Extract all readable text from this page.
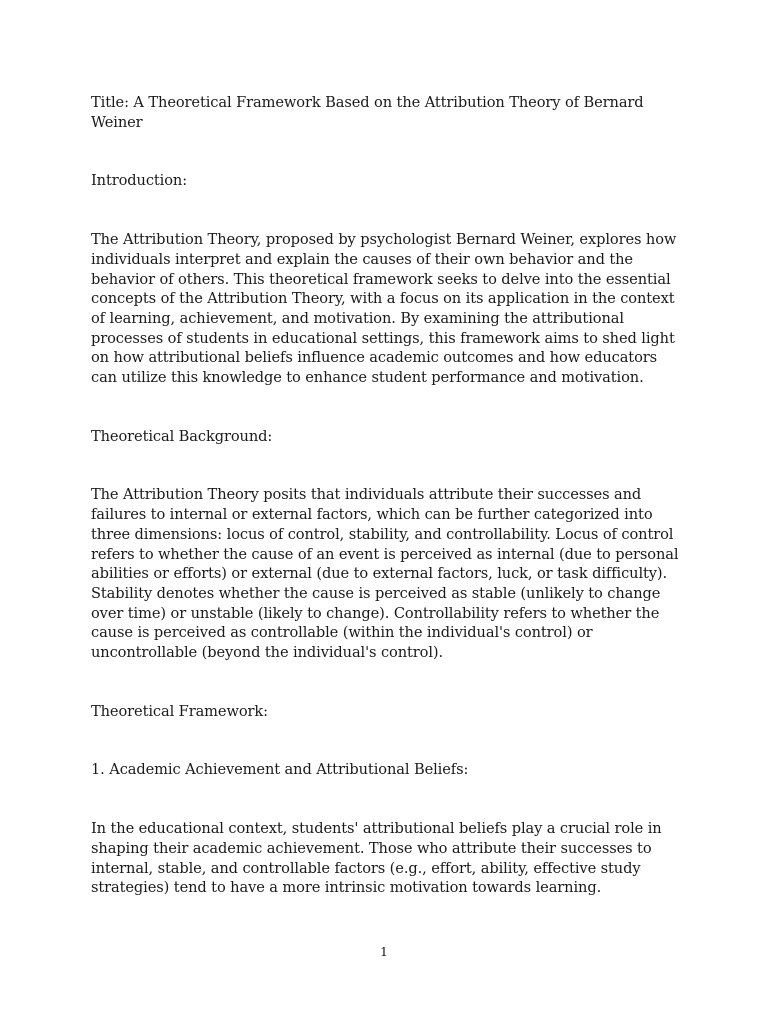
Title: A Theoretical Framework Based on the Attribution Theory of Bernard Weiner

Introduction:

The Attribution Theory, proposed by psychologist Bernard Weiner, explores how individuals interpret and explain the causes of their own behavior and the behavior of others. This theoretical framework seeks to delve into the essential concepts of the Attribution Theory, with a focus on its application in the context of learning, achievement, and motivation. By examining the attributional processes of students in educational settings, this framework aims to shed light on how attributional beliefs influence academic outcomes and how educators can utilize this knowledge to enhance student performance and motivation.

Theoretical Background:

The Attribution Theory posits that individuals attribute their successes and failures to internal or external factors, which can be further categorized into three dimensions: locus of control, stability, and controllability. Locus of control refers to whether the cause of an event is perceived as internal (due to personal abilities or efforts) or external (due to external factors, luck, or task difficulty). Stability denotes whether the cause is perceived as stable (unlikely to change over time) or unstable (likely to change). Controllability refers to whether the cause is perceived as controllable (within the individual's control) or uncontrollable (beyond the individual's control).

Theoretical Framework:

1. Academic Achievement and Attributional Beliefs:

In the educational context, students' attributional beliefs play a crucial role in shaping their academic achievement. Those who attribute their successes to internal, stable, and controllable factors (e.g., effort, ability, effective study strategies) tend to have a more intrinsic motivation towards learning.

1
